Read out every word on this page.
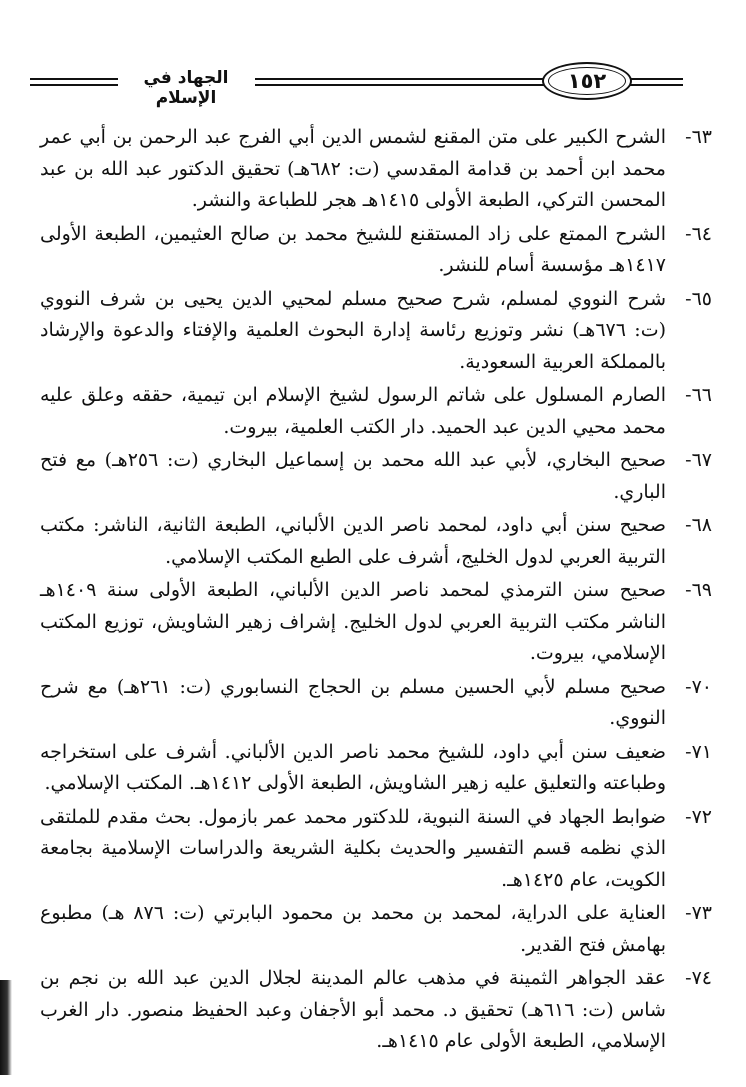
١٥٢
الجهاد في الإسلام
٦٣-
الشرح الكبير على متن المقنع لشمس الدين أبي الفرج عبد الرحمن بن أبي عمر محمد ابن أحمد بن قدامة المقدسي (ت: ٦٨٢هـ) تحقيق الدكتور عبد الله بن عبد المحسن التركي، الطبعة الأولى ١٤١٥هـ هجر للطباعة والنشر.
٦٤-
الشرح الممتع على زاد المستقنع للشيخ محمد بن صالح العثيمين، الطبعة الأولى ١٤١٧هـ مؤسسة أسام للنشر.
٦٥-
شرح النووي لمسلم، شرح صحيح مسلم لمحيي الدين يحيى بن شرف النووي (ت: ٦٧٦هـ) نشر وتوزيع رئاسة إدارة البحوث العلمية والإفتاء والدعوة والإرشاد بالمملكة العربية السعودية.
٦٦-
الصارم المسلول على شاتم الرسول لشيخ الإسلام ابن تيمية، حققه وعلق عليه محمد محيي الدين عبد الحميد. دار الكتب العلمية، بيروت.
٦٧-
صحيح البخاري، لأبي عبد الله محمد بن إسماعيل البخاري (ت: ٢٥٦هـ) مع فتح الباري.
٦٨-
صحيح سنن أبي داود، لمحمد ناصر الدين الألباني، الطبعة الثانية، الناشر: مكتب التربية العربي لدول الخليج، أشرف على الطبع المكتب الإسلامي.
٦٩-
صحيح سنن الترمذي لمحمد ناصر الدين الألباني، الطبعة الأولى سنة ١٤٠٩هـ الناشر مكتب التربية العربي لدول الخليج. إشراف زهير الشاويش، توزيع المكتب الإسلامي، بيروت.
٧٠-
صحيح مسلم لأبي الحسين مسلم بن الحجاج النسابوري (ت: ٢٦١هـ) مع شرح النووي.
٧١-
ضعيف سنن أبي داود، للشيخ محمد ناصر الدين الألباني. أشرف على استخراجه وطباعته والتعليق عليه زهير الشاويش، الطبعة الأولى ١٤١٢هـ. المكتب الإسلامي.
٧٢-
ضوابط الجهاد في السنة النبوية، للدكتور محمد عمر بازمول. بحث مقدم للملتقى الذي نظمه قسم التفسير والحديث بكلية الشريعة والدراسات الإسلامية بجامعة الكويت، عام ١٤٢٥هـ.
٧٣-
العناية على الدراية، لمحمد بن محمد بن محمود البابرتي (ت: ٨٧٦ هـ) مطبوع بهامش فتح القدير.
٧٤-
عقد الجواهر الثمينة في مذهب عالم المدينة لجلال الدين عبد الله بن نجم بن شاس (ت: ٦١٦هـ) تحقيق د. محمد أبو الأجفان وعبد الحفيظ منصور. دار الغرب الإسلامي، الطبعة الأولى عام ١٤١٥هـ.
